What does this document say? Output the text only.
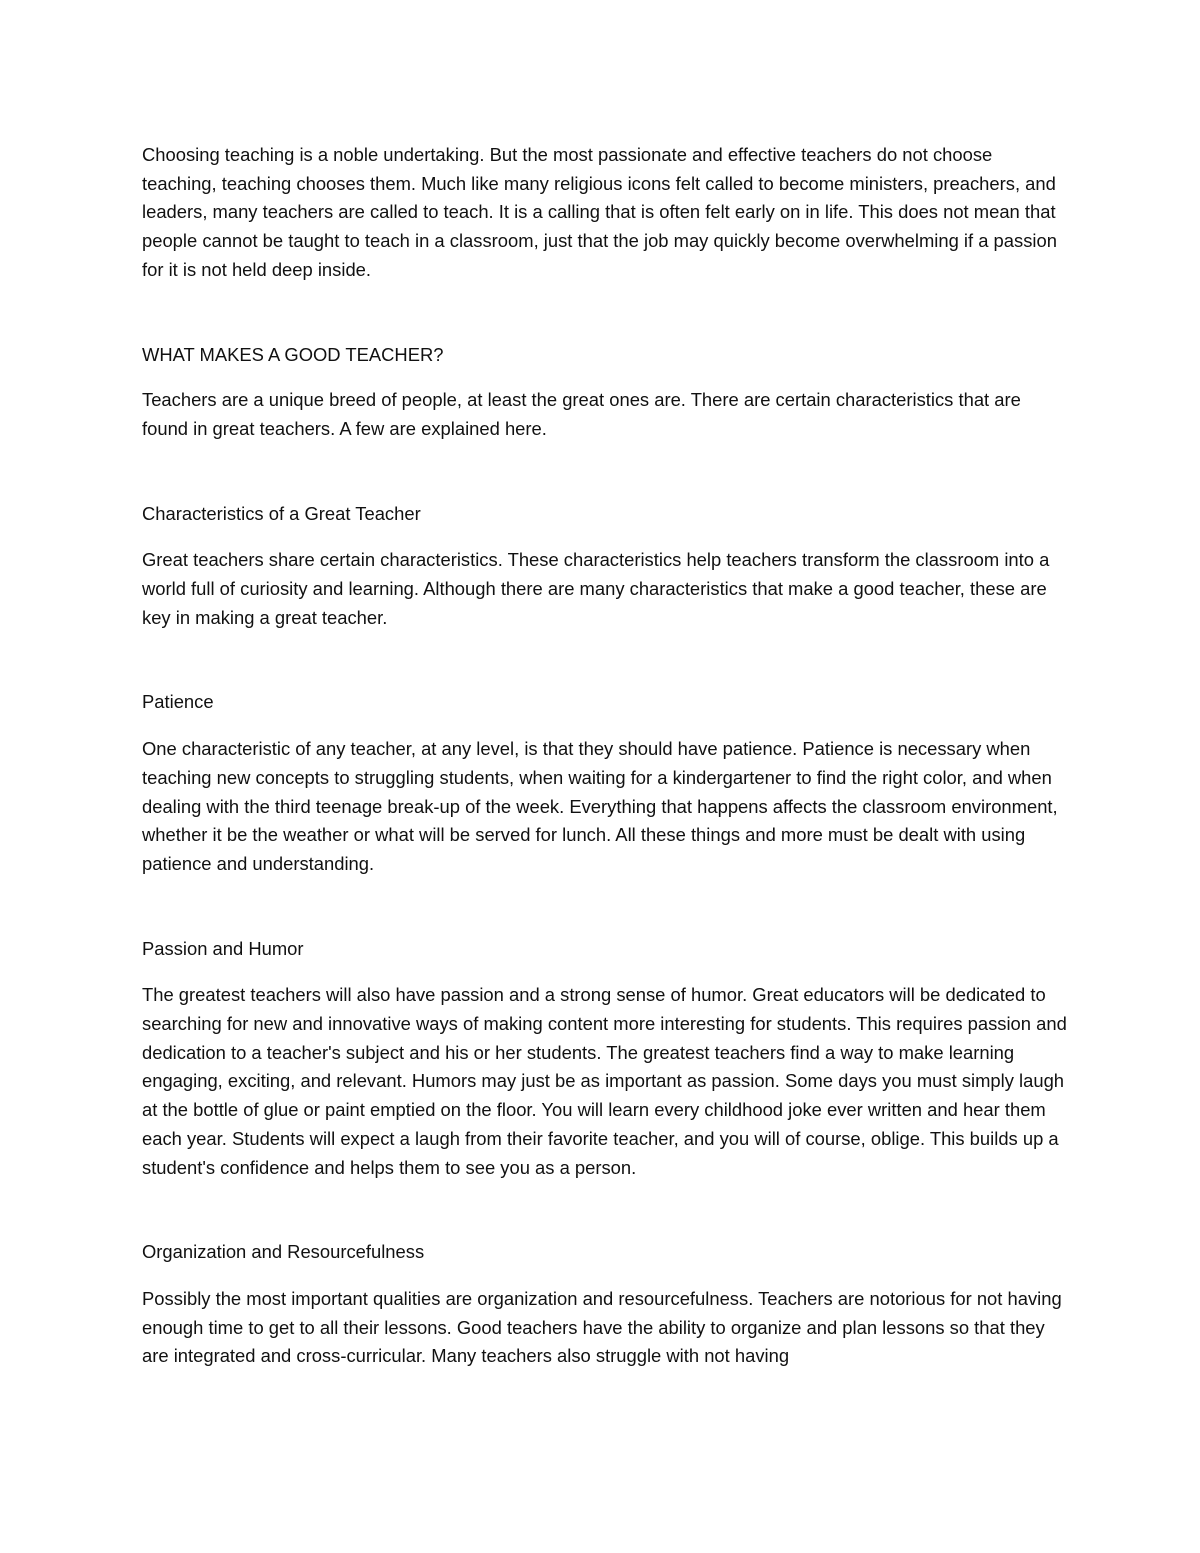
Choosing teaching is a noble undertaking. But the most passionate and effective teachers do not choose teaching, teaching chooses them. Much like many religious icons felt called to become ministers, preachers, and leaders, many teachers are called to teach. It is a calling that is often felt early on in life. This does not mean that people cannot be taught to teach in a classroom, just that the job may quickly become overwhelming if a passion for it is not held deep inside.

WHAT MAKES A GOOD TEACHER?

Teachers are a unique breed of people, at least the great ones are. There are certain characteristics that are found in great teachers. A few are explained here.

Characteristics of a Great Teacher

Great teachers share certain characteristics. These characteristics help teachers transform the classroom into a world full of curiosity and learning. Although there are many characteristics that make a good teacher, these are key in making a great teacher.

Patience

One characteristic of any teacher, at any level, is that they should have patience. Patience is necessary when teaching new concepts to struggling students, when waiting for a kindergartener to find the right color, and when dealing with the third teenage break-up of the week. Everything that happens affects the classroom environment, whether it be the weather or what will be served for lunch. All these things and more must be dealt with using patience and understanding.

Passion and Humor

The greatest teachers will also have passion and a strong sense of humor. Great educators will be dedicated to searching for new and innovative ways of making content more interesting for students. This requires passion and dedication to a teacher's subject and his or her students. The greatest teachers find a way to make learning engaging, exciting, and relevant. Humors may just be as important as passion. Some days you must simply laugh at the bottle of glue or paint emptied on the floor. You will learn every childhood joke ever written and hear them each year. Students will expect a laugh from their favorite teacher, and you will of course, oblige. This builds up a student's confidence and helps them to see you as a person.

Organization and Resourcefulness

Possibly the most important qualities are organization and resourcefulness. Teachers are notorious for not having enough time to get to all their lessons. Good teachers have the ability to organize and plan lessons so that they are integrated and cross-curricular. Many teachers also struggle with not having
